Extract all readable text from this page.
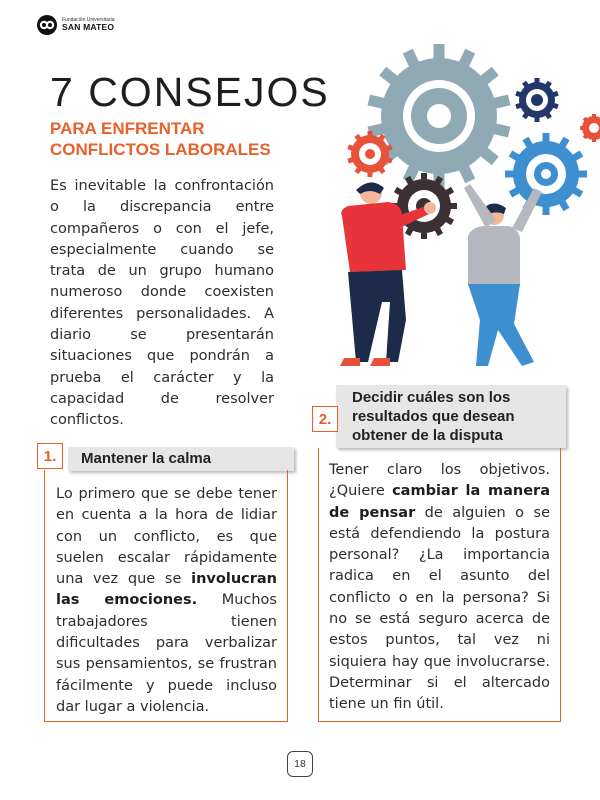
Fundación Universitaria
SAN MATEO
7 CONSEJOS
PARA ENFRENTAR CONFLICTOS LABORALES

Es inevitable la confrontación o la discrepancia entre compañeros o con el jefe, especialmente cuando se trata de un grupo humano numeroso donde coexisten diferentes personalidades. A diario se presentarán situaciones que pondrán a prueba el carácter y la capacidad de resolver conflictos.

Decidir cuáles son los resultados que desean obtener de la disputa
2.
Tener claro los objetivos. ¿Quiere cambiar la manera de pensar de alguien o se está defendiendo la postura personal? ¿La importancia radica en el asunto del conflicto o en la persona? Si no se está seguro acerca de estos puntos, tal vez ni siquiera hay que involucrarse. Determinar si el altercado tiene un fin útil.
Mantener la calma
1.
Lo primero que se debe tener en cuenta a la hora de lidiar con un conflicto, es que suelen escalar rápidamente una vez que se involucran las emociones. Muchos trabajadores tienen dificultades para verbalizar sus pensamientos, se frustran fácilmente y puede incluso dar lugar a violencia.
18
